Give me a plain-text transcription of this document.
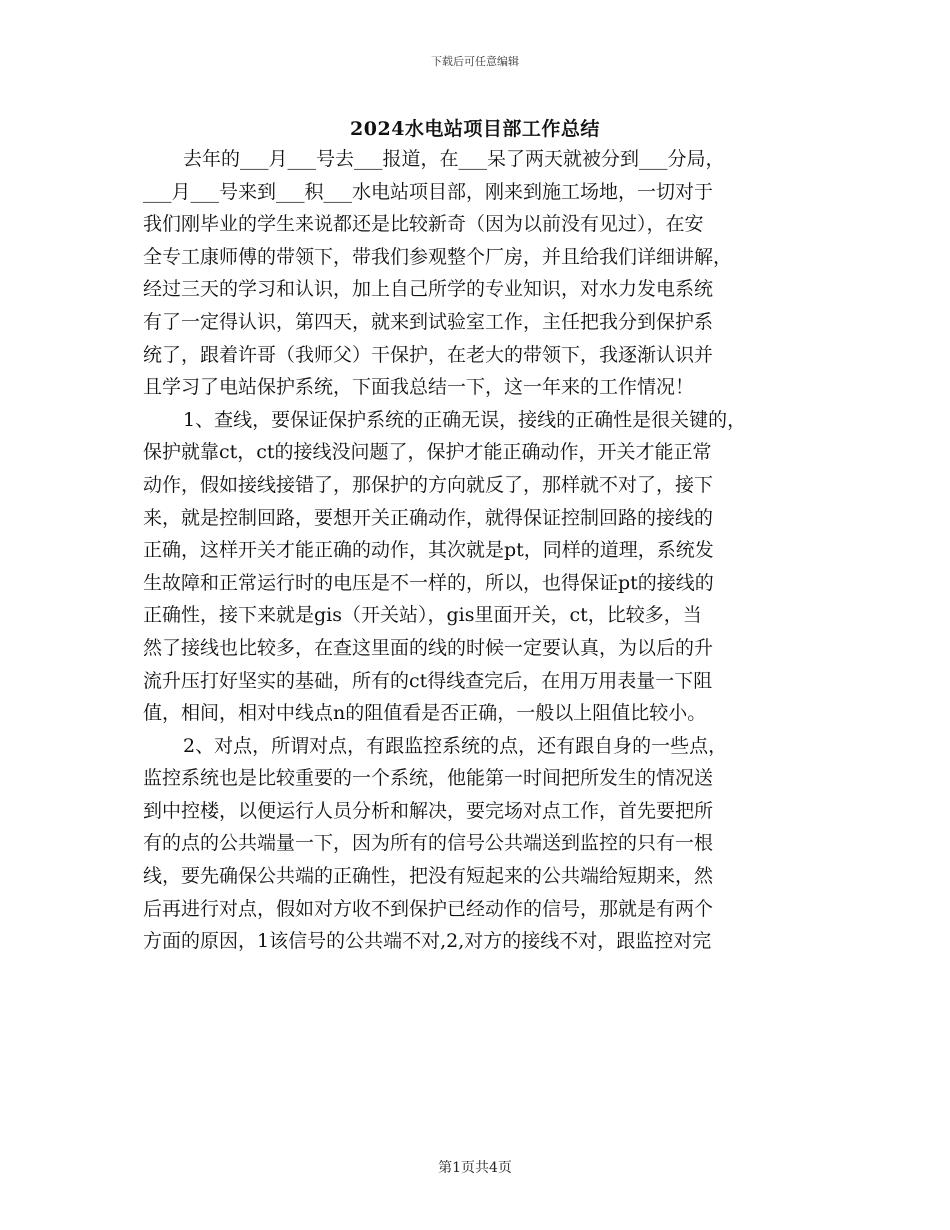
下载后可任意编辑
2024水电站项目部工作总结
去年的___月___号去___报道，在___呆了两天就被分到___分局，
___月___号来到___积___水电站项目部，刚来到施工场地，一切对于
我们刚毕业的学生来说都还是比较新奇（因为以前没有见过），在安
全专工康师傅的带领下，带我们参观整个厂房，并且给我们详细讲解，
经过三天的学习和认识，加上自己所学的专业知识，对水力发电系统
有了一定得认识，第四天，就来到试验室工作，主任把我分到保护系
统了，跟着许哥（我师父）干保护，在老大的带领下，我逐渐认识并
且学习了电站保护系统，下面我总结一下，这一年来的工作情况！
1、查线，要保证保护系统的正确无误，接线的正确性是很关键的，
保护就靠ct，ct的接线没问题了，保护才能正确动作，开关才能正常
动作，假如接线接错了，那保护的方向就反了，那样就不对了，接下
来，就是控制回路，要想开关正确动作，就得保证控制回路的接线的
正确，这样开关才能正确的动作，其次就是pt，同样的道理，系统发
生故障和正常运行时的电压是不一样的，所以，也得保证pt的接线的
正确性，接下来就是gis（开关站），gis里面开关，ct，比较多，当
然了接线也比较多，在查这里面的线的时候一定要认真，为以后的升
流升压打好坚实的基础，所有的ct得线查完后，在用万用表量一下阻
值，相间，相对中线点n的阻值看是否正确，一般以上阻值比较小。
2、对点，所谓对点，有跟监控系统的点，还有跟自身的一些点，
监控系统也是比较重要的一个系统，他能第一时间把所发生的情况送
到中控楼，以便运行人员分析和解决，要完场对点工作，首先要把所
有的点的公共端量一下，因为所有的信号公共端送到监控的只有一根
线，要先确保公共端的正确性，把没有短起来的公共端给短期来，然
后再进行对点，假如对方收不到保护已经动作的信号，那就是有两个
方面的原因，1该信号的公共端不对,2,对方的接线不对，跟监控对完
第1页共4页
